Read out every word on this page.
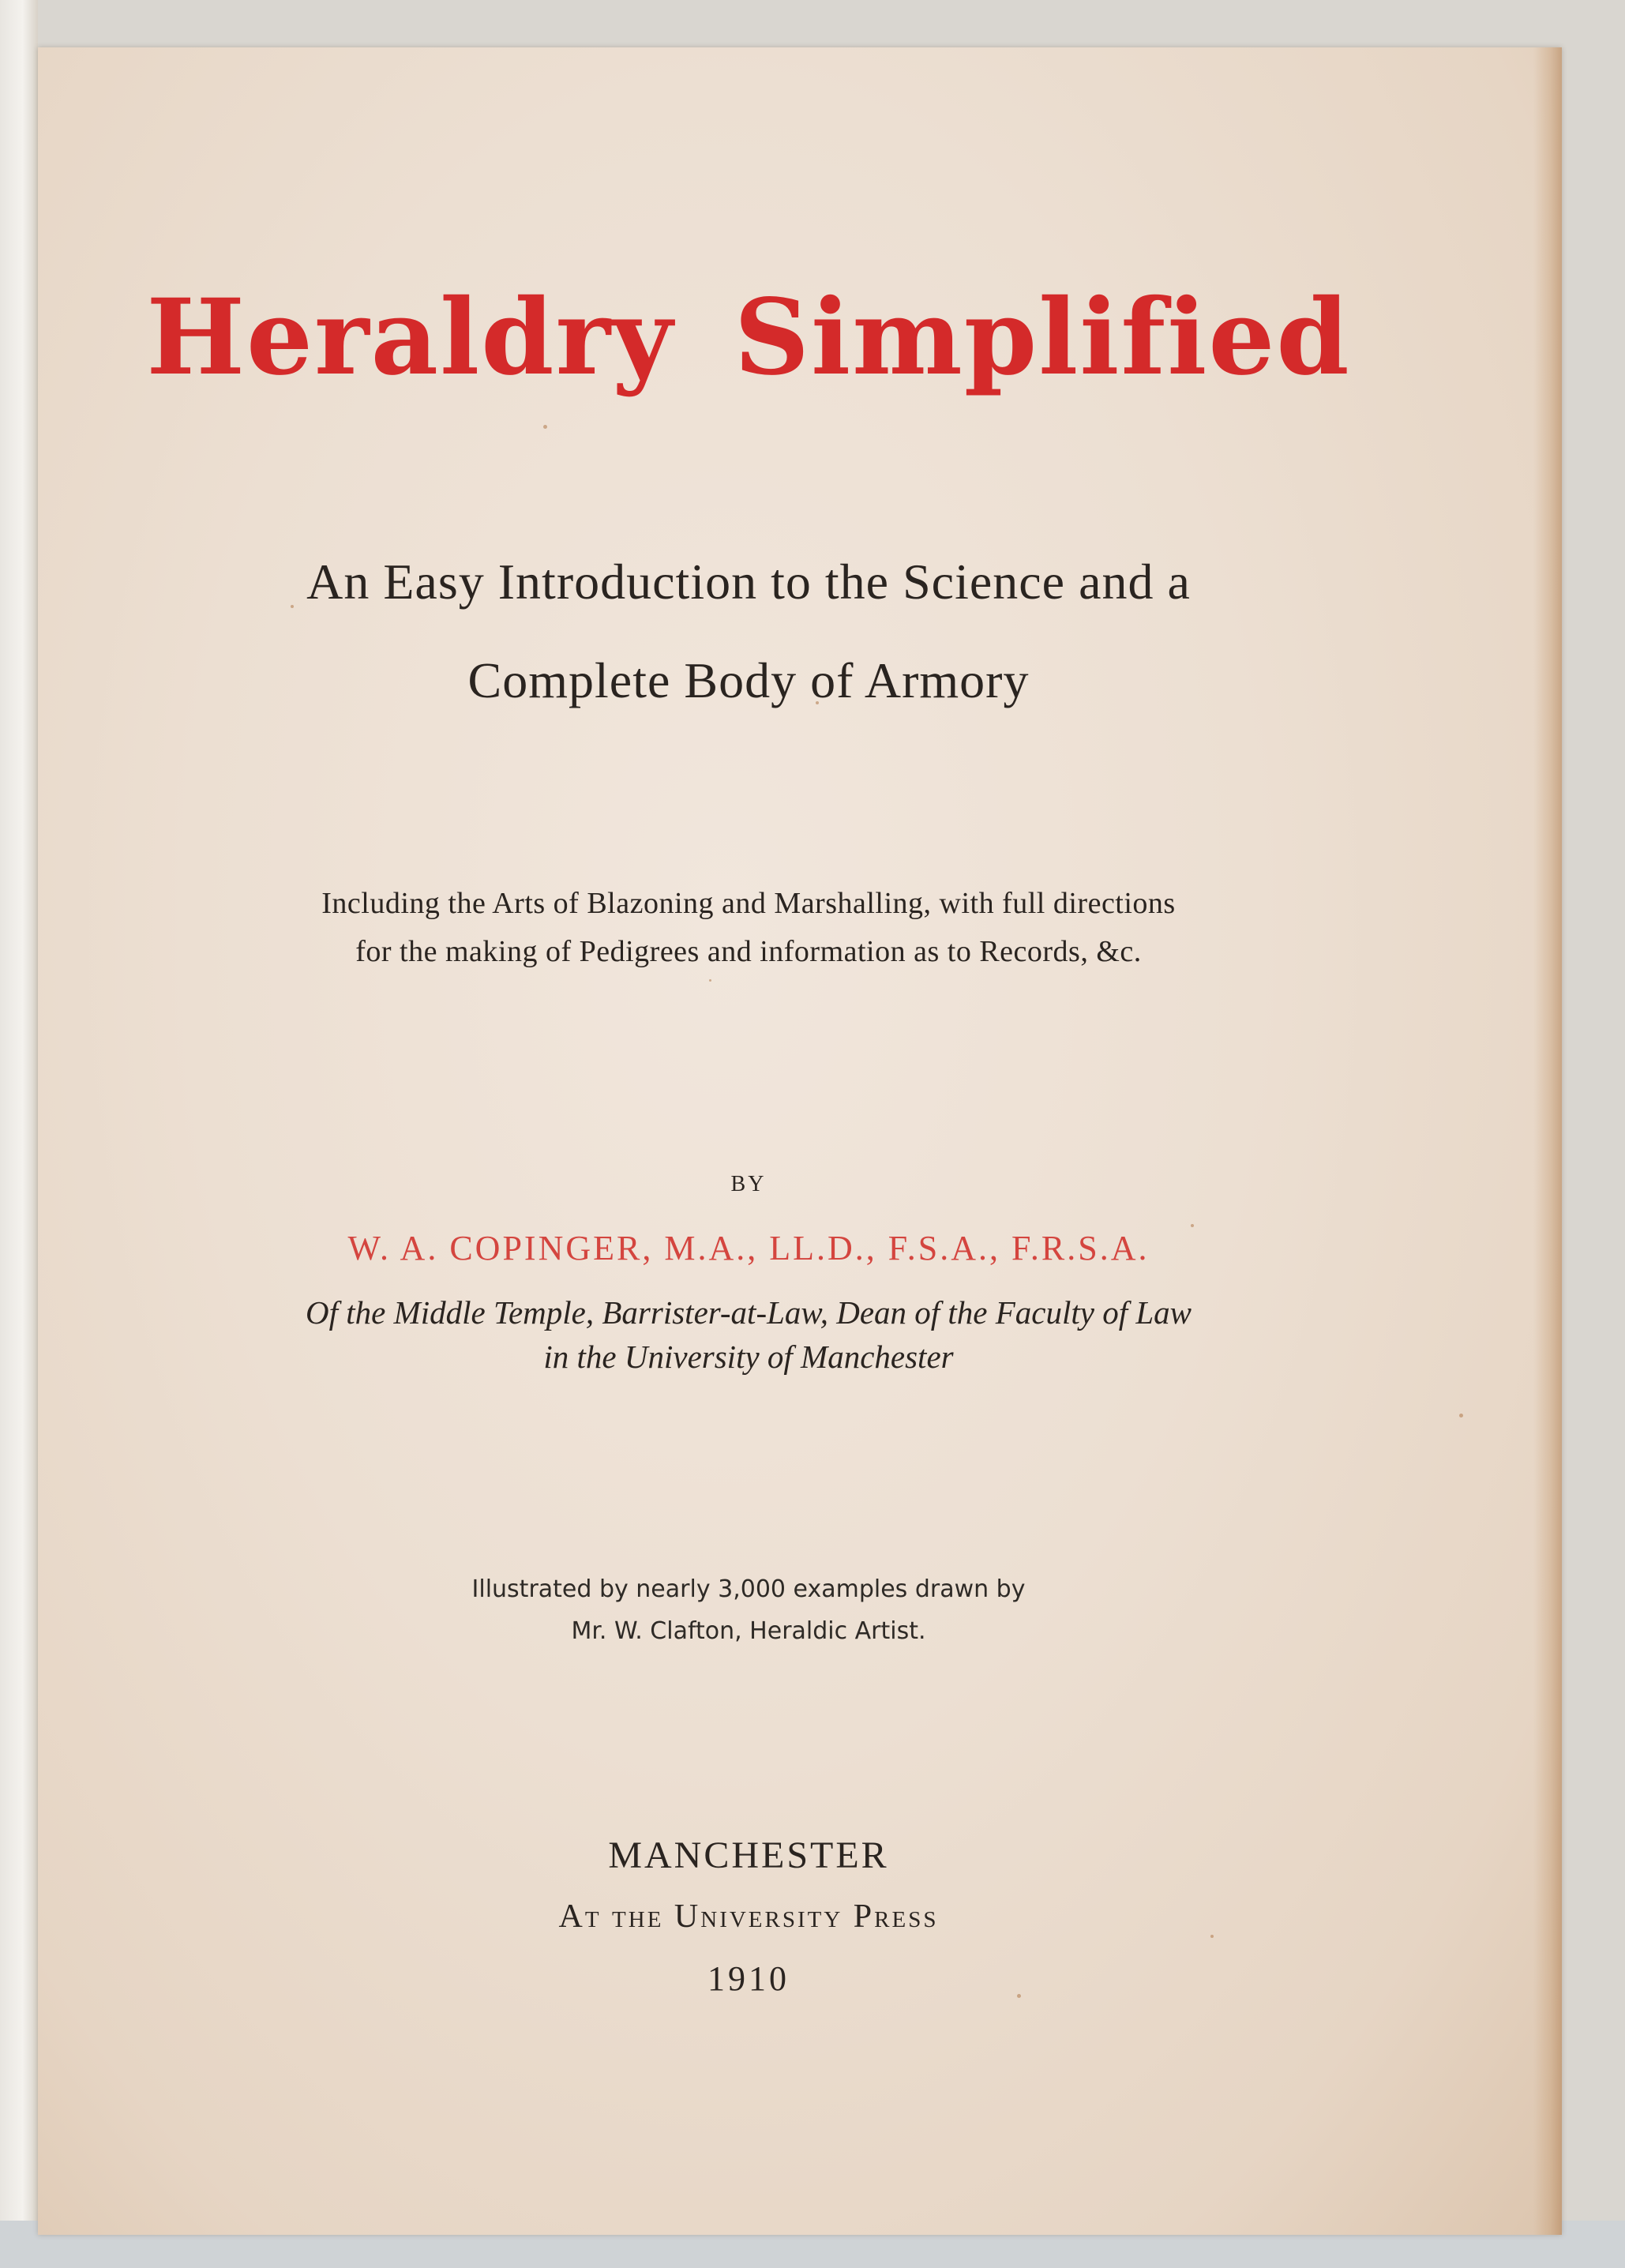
Heraldry Simplified

An Easy Introduction to the Science and a

Complete Body of Armory

Including the Arts of Blazoning and Marshalling, with full directions

for the making of Pedigrees and information as to Records, &c.

BY

W. A. COPINGER, M.A., LL.D., F.S.A., F.R.S.A.

Of the Middle Temple, Barrister-at-Law, Dean of the Faculty of Law

in the University of Manchester

Illustrated by nearly 3,000 examples drawn by

Mr. W. Clafton, Heraldic Artist.

MANCHESTER

At the University Press

1910
